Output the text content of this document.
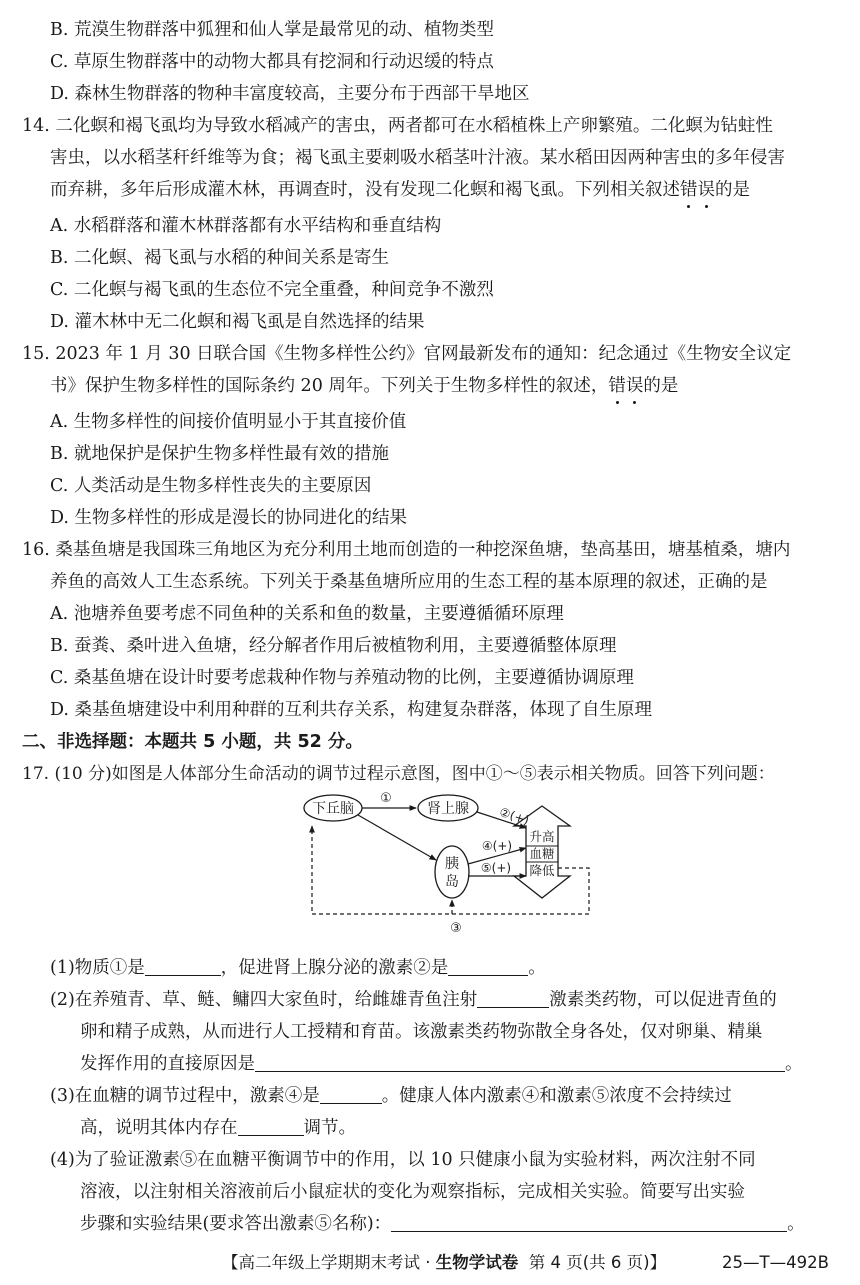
B. 荒漠生物群落中狐狸和仙人掌是最常见的动、植物类型
C. 草原生物群落中的动物大都具有挖洞和行动迟缓的特点
D. 森林生物群落的物种丰富度较高，主要分布于西部干旱地区
14. 二化螟和褐飞虱均为导致水稻减产的害虫，两者都可在水稻植株上产卵繁殖。二化螟为钻蛀性
害虫，以水稻茎秆纤维等为食；褐飞虱主要刺吸水稻茎叶汁液。某水稻田因两种害虫的多年侵害
而弃耕，多年后形成灌木林，再调查时，没有发现二化螟和褐飞虱。下列相关叙述错误的是
A. 水稻群落和灌木林群落都有水平结构和垂直结构
B. 二化螟、褐飞虱与水稻的种间关系是寄生
C. 二化螟与褐飞虱的生态位不完全重叠，种间竞争不激烈
D. 灌木林中无二化螟和褐飞虱是自然选择的结果
15. 2023 年 1 月 30 日联合国《生物多样性公约》官网最新发布的通知：纪念通过《生物安全议定
书》保护生物多样性的国际条约 20 周年。下列关于生物多样性的叙述，错误的是
A. 生物多样性的间接价值明显小于其直接价值
B. 就地保护是保护生物多样性最有效的措施
C. 人类活动是生物多样性丧失的主要原因
D. 生物多样性的形成是漫长的协同进化的结果
16. 桑基鱼塘是我国珠三角地区为充分利用土地而创造的一种挖深鱼塘，垫高基田，塘基植桑，塘内
养鱼的高效人工生态系统。下列关于桑基鱼塘所应用的生态工程的基本原理的叙述，正确的是
A. 池塘养鱼要考虑不同鱼种的关系和鱼的数量，主要遵循循环原理
B. 蚕粪、桑叶进入鱼塘，经分解者作用后被植物利用，主要遵循整体原理
C. 桑基鱼塘在设计时要考虑栽种作物与养殖动物的比例，主要遵循协调原理
D. 桑基鱼塘建设中利用种群的互利共存关系，构建复杂群落，体现了自生原理
二、非选择题：本题共 5 小题，共 52 分。
17. (10 分)如图是人体部分生命活动的调节过程示意图，图中①～⑤表示相关物质。回答下列问题：
下丘脑	肾上腺
胰
岛
升高
血糖
降低
①
②(+)
④(+)
⑤(+)
③
(1)物质①是	，促进肾上腺分泌的激素②是	。
(2)在养殖青、草、鲢、鳙四大家鱼时，给雌雄青鱼注射	激素类药物，可以促进青鱼的
卵和精子成熟，从而进行人工授精和育苗。该激素类药物弥散全身各处，仅对卵巢、精巢
发挥作用的直接原因是	。
(3)在血糖的调节过程中，激素④是	。健康人体内激素④和激素⑤浓度不会持续过
高，说明其体内存在	调节。
(4)为了验证激素⑤在血糖平衡调节中的作用，以 10 只健康小鼠为实验材料，两次注射不同
溶液，以注射相关溶液前后小鼠症状的变化为观察指标，完成相关实验。简要写出实验
步骤和实验结果(要求答出激素⑤名称)：	。
【高二年级上学期期末考试 · 生物学试卷 第 4 页(共 6 页)】	25—T—492B
